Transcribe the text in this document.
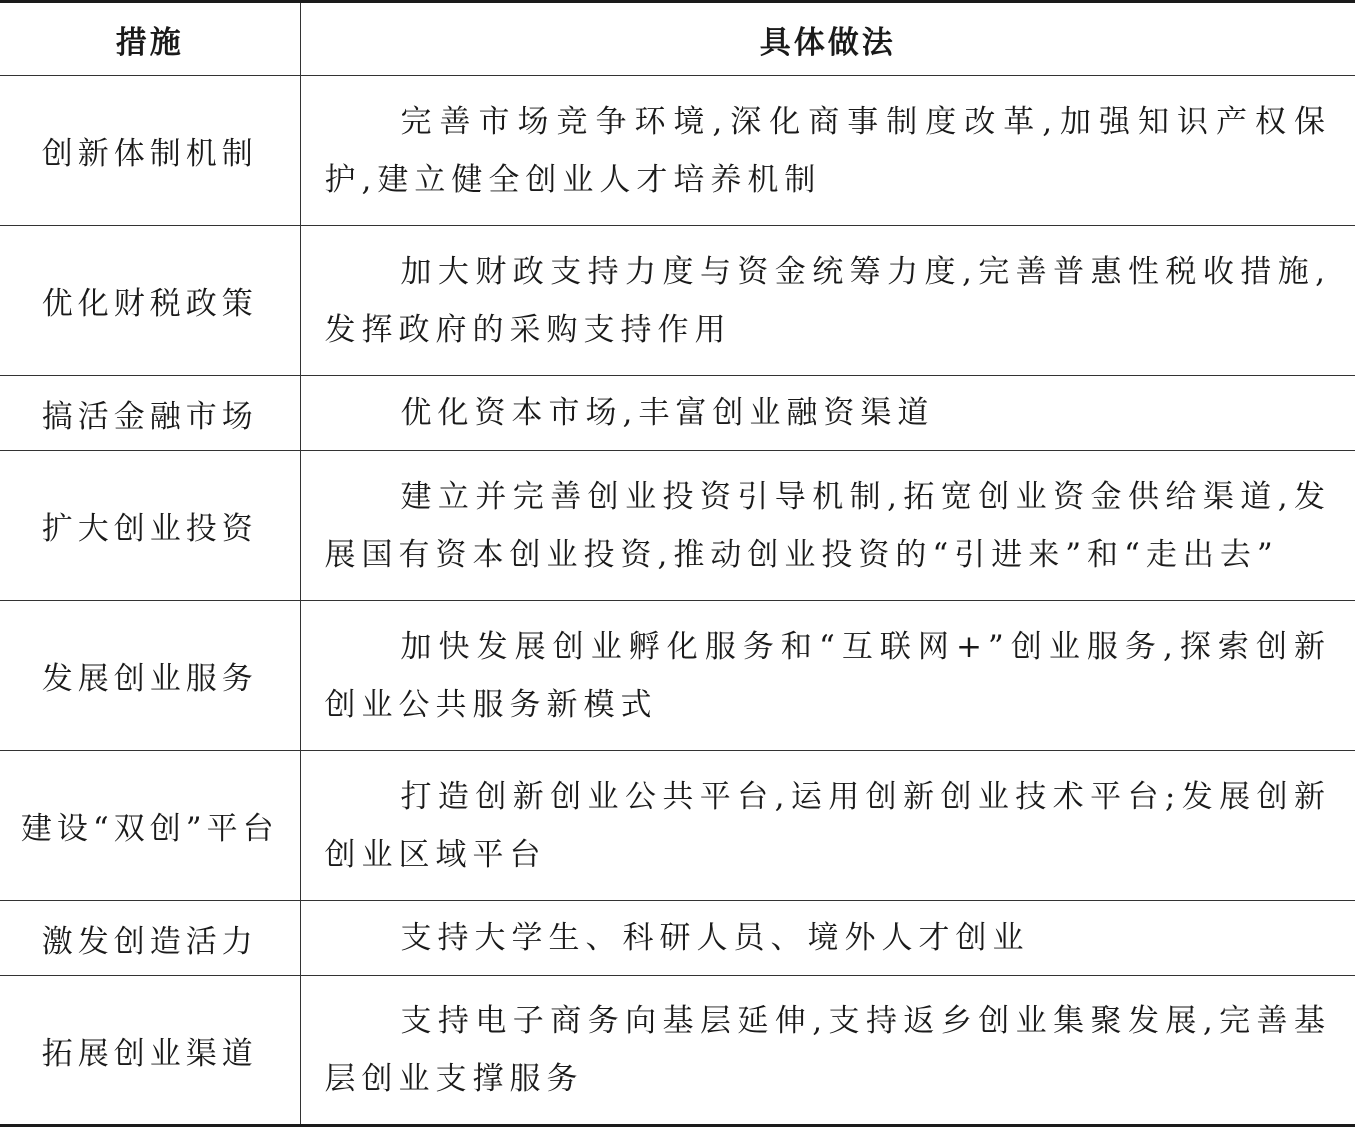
措施	具体做法
创新体制机制	完善市场竞争环境,深化商事制度改革,加强知识产权保护,建立健全创业人才培养机制
优化财税政策	加大财政支持力度与资金统筹力度,完善普惠性税收措施,发挥政府的采购支持作用
搞活金融市场	优化资本市场,丰富创业融资渠道
扩大创业投资	建立并完善创业投资引导机制,拓宽创业资金供给渠道,发展国有资本创业投资,推动创业投资的“引进来”和“走出去”
发展创业服务	加快发展创业孵化服务和“互联网+”创业服务,探索创新创业公共服务新模式
建设“双创”平台	打造创新创业公共平台,运用创新创业技术平台;发展创新创业区域平台
激发创造活力	支持大学生、科研人员、境外人才创业
拓展创业渠道	支持电子商务向基层延伸,支持返乡创业集聚发展,完善基层创业支撑服务
